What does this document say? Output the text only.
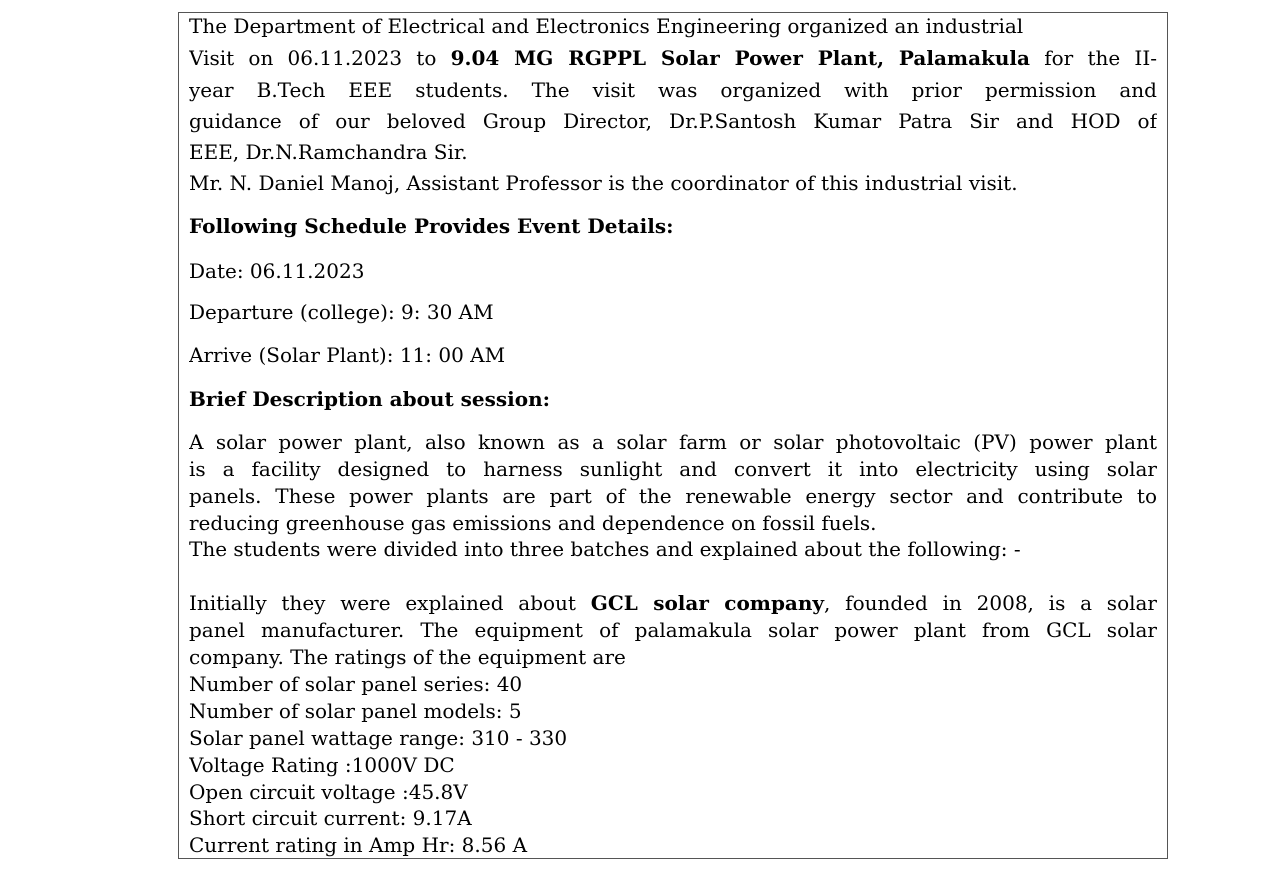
The Department of Electrical and Electronics Engineering organized an industrial
Visit on 06.11.2023 to 9.04 MG RGPPL Solar Power Plant, Palamakula for the II-
year B.Tech EEE students. The visit was organized with prior permission and
guidance of our beloved Group Director, Dr.P.Santosh Kumar Patra Sir and HOD of
EEE, Dr.N.Ramchandra Sir.
Mr. N. Daniel Manoj, Assistant Professor is the coordinator of this industrial visit.
Following Schedule Provides Event Details:
Date: 06.11.2023
Departure (college): 9: 30 AM
Arrive (Solar Plant): 11: 00 AM
Brief Description about session:
A solar power plant, also known as a solar farm or solar photovoltaic (PV) power plant
is a facility designed to harness sunlight and convert it into electricity using solar
panels. These power plants are part of the renewable energy sector and contribute to
reducing greenhouse gas emissions and dependence on fossil fuels.
The students were divided into three batches and explained about the following: -
Initially they were explained about GCL solar company, founded in 2008, is a solar
panel manufacturer. The equipment of palamakula solar power plant from GCL solar
company. The ratings of the equipment are
Number of solar panel series: 40
Number of solar panel models: 5
Solar panel wattage range: 310 - 330
Voltage Rating :1000V DC
Open circuit voltage :45.8V
Short circuit current: 9.17A
Current rating in Amp Hr: 8.56 A
